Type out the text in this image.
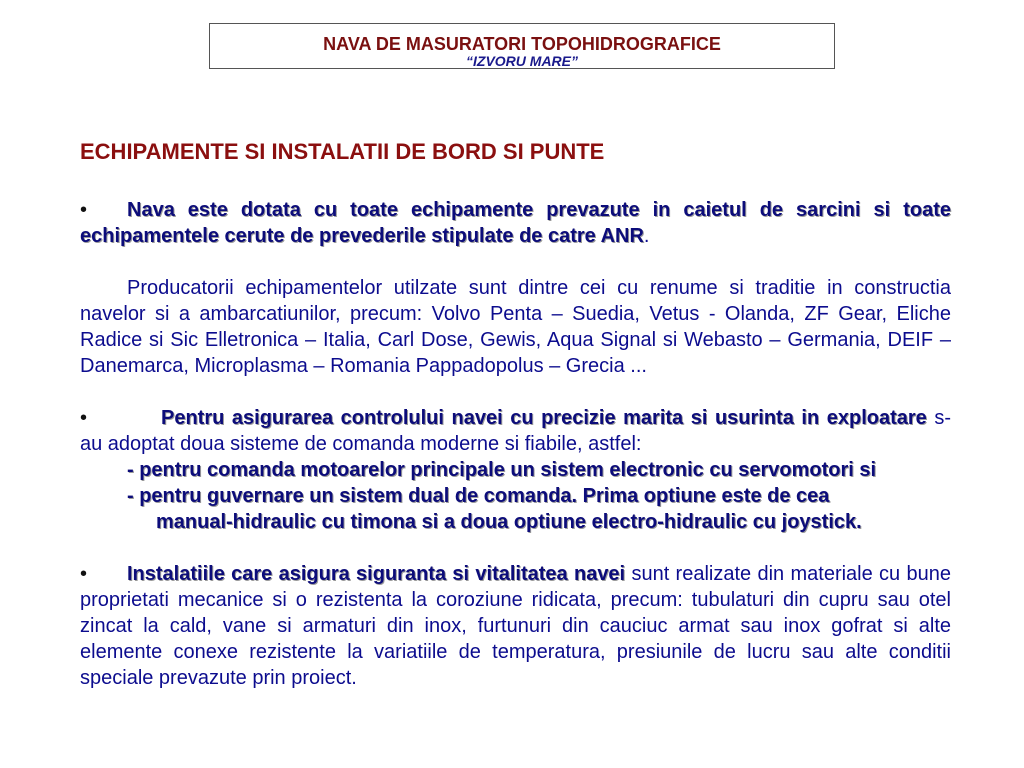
NAVA DE MASURATORI TOPOHIDROGRAFICE
“IZVORU MARE”
ECHIPAMENTE SI INSTALATII DE BORD SI PUNTE

• Nava este dotata cu toate echipamente prevazute in caietul de sarcini si toate echipamentele cerute de prevederile stipulate de catre ANR.

Producatorii echipamentelor utilzate sunt dintre cei cu renume si traditie in constructia navelor si a ambarcatiunilor, precum: Volvo Penta – Suedia, Vetus - Olanda, ZF Gear, Eliche Radice si Sic Elletronica – Italia, Carl Dose, Gewis, Aqua Signal si Webasto – Germania, DEIF – Danemarca, Microplasma – Romania Pappadopolus – Grecia ...

•	Pentru asigurarea controlului navei cu precizie marita si usurinta in exploatare s-au adoptat doua sisteme de comanda moderne si fiabile, astfel:

- pentru comanda motoarelor principale un sistem electronic cu servomotori si

- pentru guvernare un sistem dual de comanda. Prima optiune este de cea

manual-hidraulic cu timona si a doua optiune electro-hidraulic cu joystick.

• Instalatiile care asigura siguranta si vitalitatea navei sunt realizate din materiale cu bune proprietati mecanice si o rezistenta la coroziune ridicata, precum: tubulaturi din cupru sau otel zincat la cald, vane si armaturi din inox, furtunuri din cauciuc armat sau inox gofrat si alte elemente conexe rezistente la variatiile de temperatura, presiunile de lucru sau alte conditii speciale prevazute prin proiect.
